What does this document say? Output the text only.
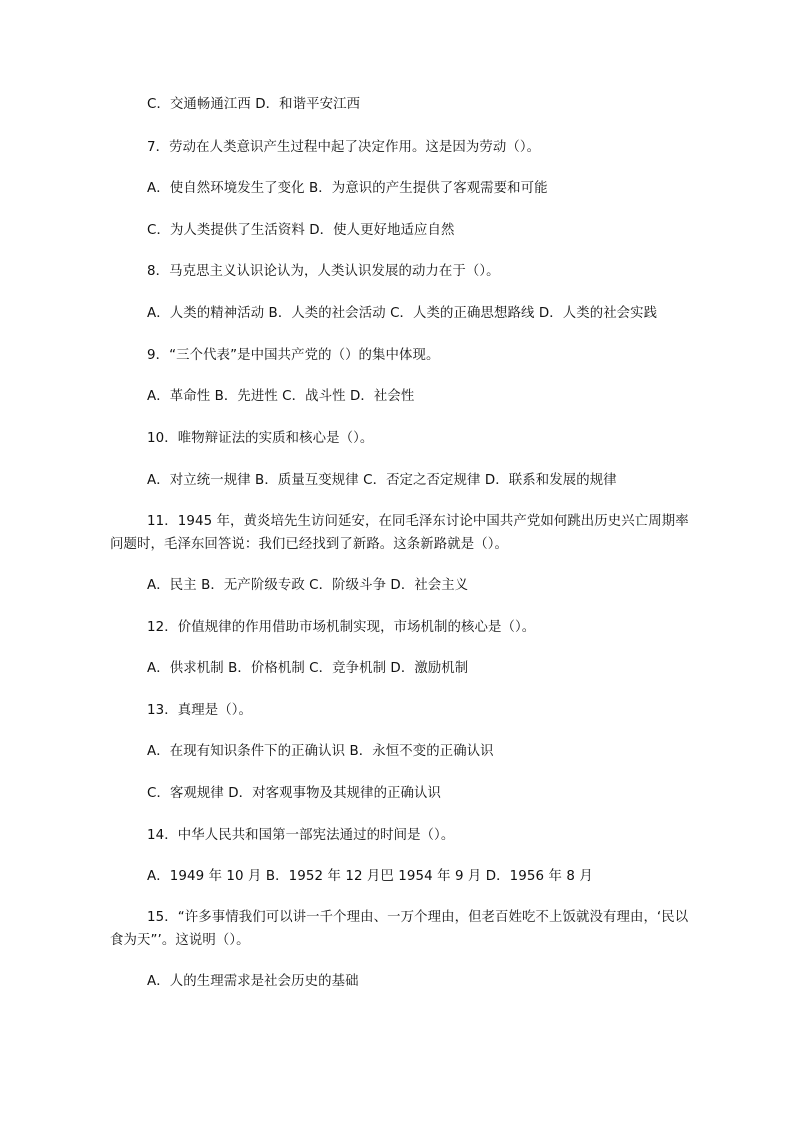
C．交通畅通江西 D．和谐平安江西
7．劳动在人类意识产生过程中起了决定作用。这是因为劳动（）。
A．使自然环境发生了变化 B．为意识的产生提供了客观需要和可能
C．为人类提供了生活资料 D．使人更好地适应自然
8．马克思主义认识论认为，人类认识发展的动力在于（）。
A．人类的精神活动 B．人类的社会活动 C．人类的正确思想路线 D．人类的社会实践
9．“三个代表”是中国共产党的（）的集中体现。
A．革命性 B．先进性 C．战斗性 D．社会性
10．唯物辩证法的实质和核心是（）。
A．对立统一规律 B．质量互变规律 C．否定之否定规律 D．联系和发展的规律
11．1945 年，黄炎培先生访问延安，在同毛泽东讨论中国共产党如何跳出历史兴亡周期率问题时，毛泽东回答说：我们已经找到了新路。这条新路就是（）。
A．民主 B．无产阶级专政 C．阶级斗争 D．社会主义
12．价值规律的作用借助市场机制实现，市场机制的核心是（）。
A．供求机制 B．价格机制 C．竞争机制 D．激励机制
13．真理是（）。
A．在现有知识条件下的正确认识 B．永恒不变的正确认识
C．客观规律 D．对客观事物及其规律的正确认识
14．中华人民共和国第一部宪法通过的时间是（）。
A．1949 年 10 月 B．1952 年 12 月巴 1954 年 9 月 D．1956 年 8 月
15．“许多事情我们可以讲一千个理由、一万个理由，但老百姓吃不上饭就没有理由，‘民以食为天”’。这说明（）。
A．人的生理需求是社会历史的基础
